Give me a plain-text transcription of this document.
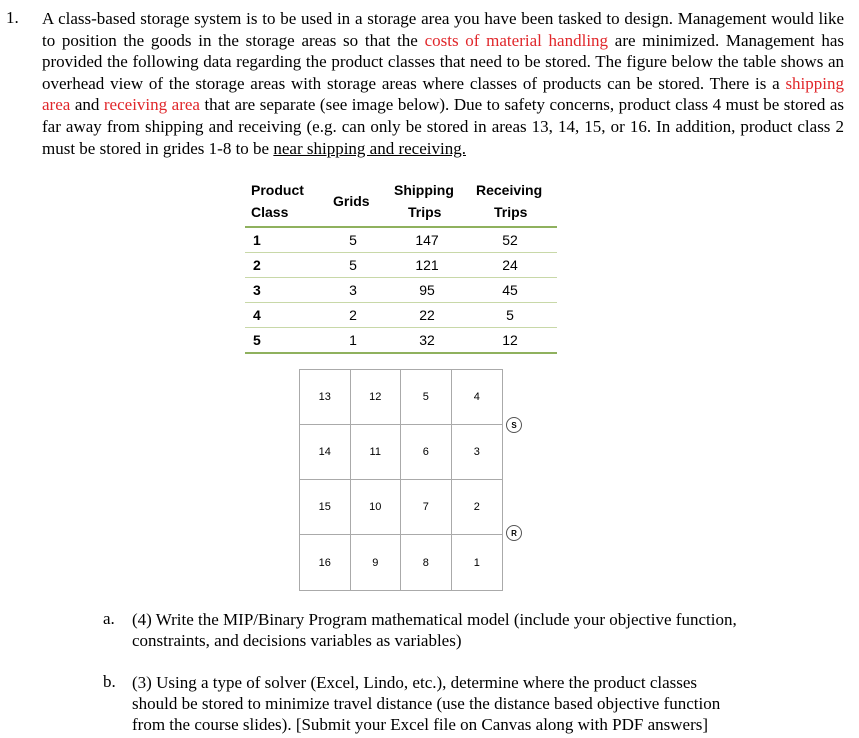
1. A class-based storage system is to be used in a storage area you have been tasked to design. Management would like to position the goods in the storage areas so that the costs of material handling are minimized. Management has provided the following data regarding the product classes that need to be stored. The figure below the table shows an overhead view of the storage areas with storage areas where classes of products can be stored. There is a shipping area and receiving area that are separate (see image below). Due to safety concerns, product class 4 must be stored as far away from shipping and receiving (e.g. can only be stored in areas 13, 14, 15, or 16. In addition, product class 2 must be stored in grides 1-8 to be near shipping and receiving.

Product
Class
Grids
Shipping
Trips
Receiving
Trips
1	5	147	52
2	5	121	24
3	3	95	45
4	2	22	5
5	1	32	12
13	12	5	4
14	11	6	3
15	10	7	2
16	9	8	1
S
R
a. (4) Write the MIP/Binary Program mathematical model (include your objective function,
constraints, and decisions variables as variables)
b. (3) Using a type of solver (Excel, Lindo, etc.), determine where the product classes
should be stored to minimize travel distance (use the distance based objective function
from the course slides). [Submit your Excel file on Canvas along with PDF answers]
